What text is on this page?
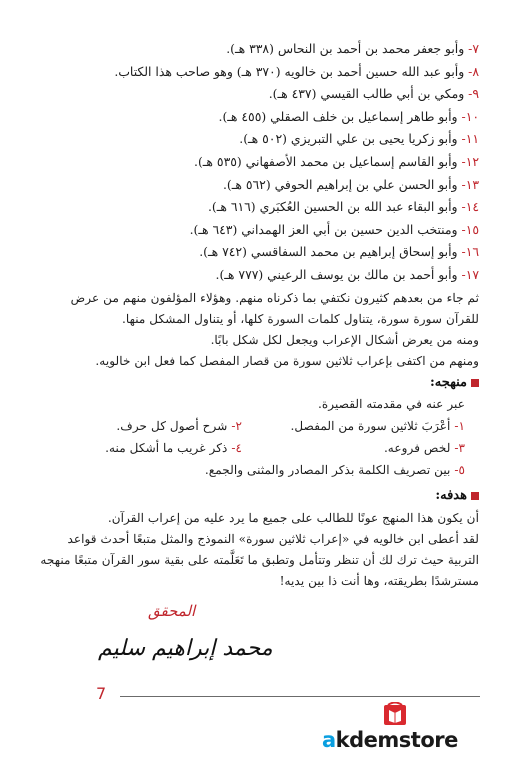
٧- وأبو جعفر محمد بن أحمد بن النحاس (٣٣٨ هـ).
٨- وأبو عبد الله حسين أحمد بن خالويه (٣٧٠ هـ) وهو صاحب هذا الكتاب.
٩- ومكي بن أبي طالب القيسي (٤٣٧ هـ).
١٠- وأبو طاهر إسماعيل بن خلف الصقلي (٤٥٥ هـ).
١١- وأبو زكريا يحيى بن علي التبريزي (٥٠٢ هـ).
١٢- وأبو القاسم إسماعيل بن محمد الأصفهاني (٥٣٥ هـ).
١٣- وأبو الحسن علي بن إبراهيم الحوفي (٥٦٢ هـ).
١٤- وأبو البقاء عبد الله بن الحسين العُكبَري (٦١٦ هـ).
١٥- ومنتخب الدين حسين بن أبي العز الهمداني (٦٤٣ هـ).
١٦- وأبو إسحاق إبراهيم بن محمد السفاقسي (٧٤٢ هـ).
١٧- وأبو أحمد بن مالك بن يوسف الرعيني (٧٧٧ هـ).
ثم جاء من بعدهم كثيرون نكتفي بما ذكرناه منهم. وهؤلاء المؤلفون منهم من عرض للقرآن سورة سورة، يتناول كلمات السورة كلها، أو يتناول المشكل منها.
ومنه من يعرض أشكال الإعراب ويجعل لكل شكل بابًا.
ومنهم من اكتفى بإعراب ثلاثين سورة من قصار المفصل كما فعل ابن خالويه.
منهجه:
عبر عنه في مقدمته القصيرة.
١- أعْرَبَ ثلاثين سورة من المفصل.
٢- شرح أصول كل حرف.
٣- لخص فروعه.
٤- ذكر غريب ما أشكل منه.
٥- بين تصريف الكلمة بذكر المصادر والمثنى والجمع.
هدفه:
أن يكون هذا المنهج عونًا للطالب على جميع ما يرد عليه من إعراب القرآن.
لقد أعطى ابن خالويه في «إعراب ثلاثين سورة» النموذج والمثل متبعًا أحدث قواعد التربية حيث ترك لك أن تنظر وتتأمل وتطبق ما تَعَلَّمته على بقية سور القرآن متبعًا منهجه مسترشدًا بطريقته، وها أنت ذا بين يديه!
المحقق
محمد إبراهيم سليم
7
akdemstore
